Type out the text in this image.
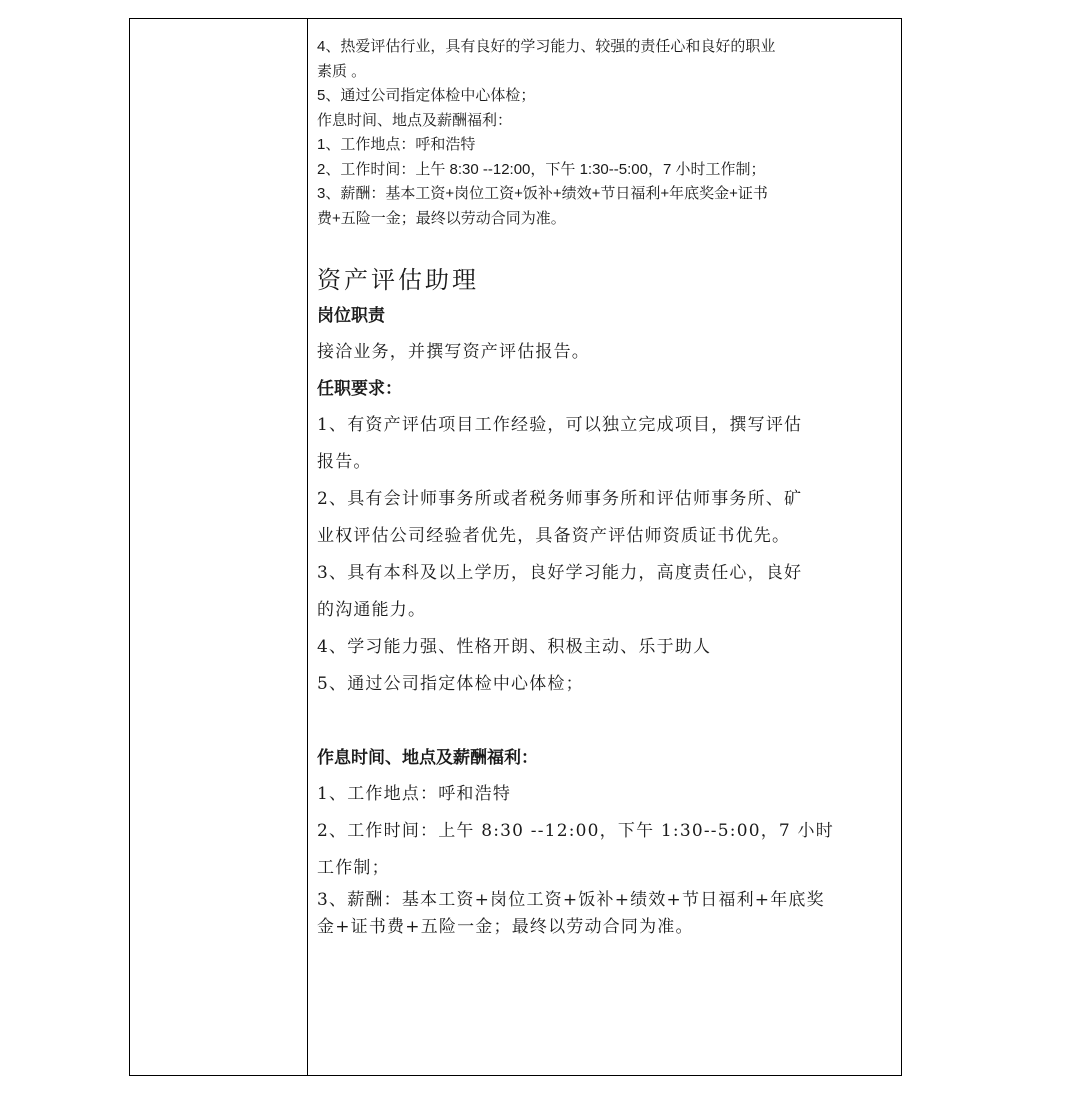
4、热爱评估行业，具有良好的学习能力、较强的责任心和良好的职业
素质 。
5、通过公司指定体检中心体检；
作息时间、地点及薪酬福利：
1、工作地点：呼和浩特
2、工作时间：上午 8:30 --12:00，下午 1:30--5:00，7 小时工作制；
3、薪酬：基本工资+岗位工资+饭补+绩效+节日福利+年底奖金+证书
费+五险一金；最终以劳动合同为准。
资产评估助理
岗位职责
接洽业务，并撰写资产评估报告。
任职要求：
1、有资产评估项目工作经验，可以独立完成项目，撰写评估
报告。
2、具有会计师事务所或者税务师事务所和评估师事务所、矿
业权评估公司经验者优先，具备资产评估师资质证书优先。
3、具有本科及以上学历，良好学习能力，高度责任心，良好
的沟通能力。
4、学习能力强、性格开朗、积极主动、乐于助人
5、通过公司指定体检中心体检；
作息时间、地点及薪酬福利：
1、工作地点：呼和浩特
2、工作时间：上午 8:30 --12:00，下午 1:30--5:00，7 小时
工作制；
3、薪酬：基本工资+岗位工资+饭补+绩效+节日福利+年底奖
金+证书费+五险一金；最终以劳动合同为准。
